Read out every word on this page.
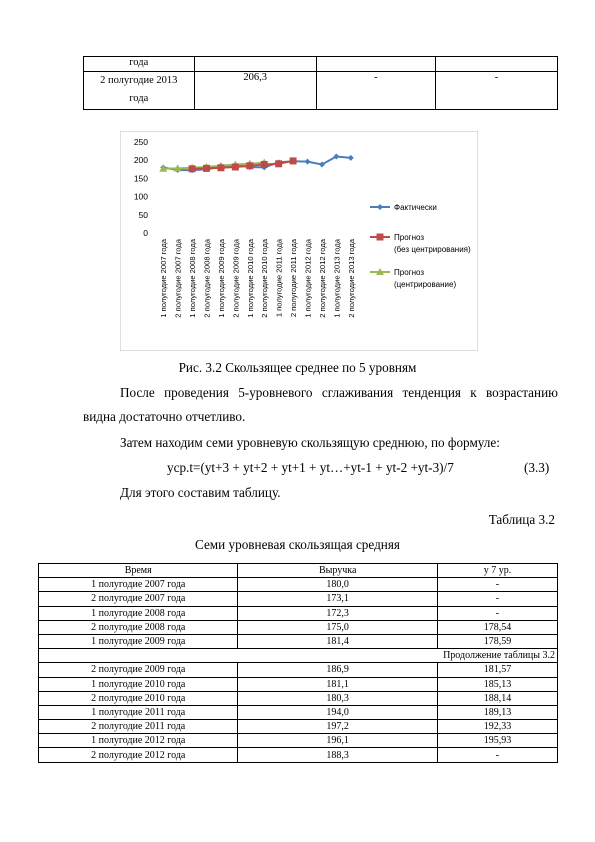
года			
2 полугодие 2013
года	206,3	-	-
250
200
150
100
50
0
1 полугодие 2007 года 2 полугодие 2007 года 1 полугодие 2008 года 2 полугодие 2008 года 1 полугодие 2009 года 2 полугодие 2009 года 1 полугодие 2010 года 2 полугодие 2010 года 1 полугодие 2011 года 2 полугодие 2011 года 1 полугодие 2012 года 2 полугодие 2012 года 1 полугодие 2013 года 2 полугодие 2013 года
Фактически
Прогноз (без центрирования)
Прогноз (центрирование)
Рис. 3.2 Скользящее среднее по 5 уровням
После проведения 5-уровневого сглаживания тенденция к возрастанию
видна достаточно отчетливо.
Затем находим семи уровневую скользящую среднюю, по формуле:
уср.t=(yt+3 + yt+2 + yt+1 + yt…+yt-1 + yt-2 +yt-3)/7	(3.3)
Для этого составим таблицу.
Таблица 3.2
Семи уровневая скользящая средняя
Время	Выручка	у 7 ур.
1 полугодие 2007 года	180,0	-
2 полугодие 2007 года	173,1	-
1 полугодие 2008 года	172,3	-
2 полугодие 2008 года	175,0	178,54
1 полугодие 2009 года	181,4	178,59
Продолжение таблицы 3.2		
2 полугодие 2009 года	186,9	181,57
1 полугодие 2010 года	181,1	185,13
2 полугодие 2010 года	180,3	188,14
1 полугодие 2011 года	194,0	189,13
2 полугодие 2011 года	197,2	192,33
1 полугодие 2012 года	196,1	195,93
2 полугодие 2012 года	188,3	-
